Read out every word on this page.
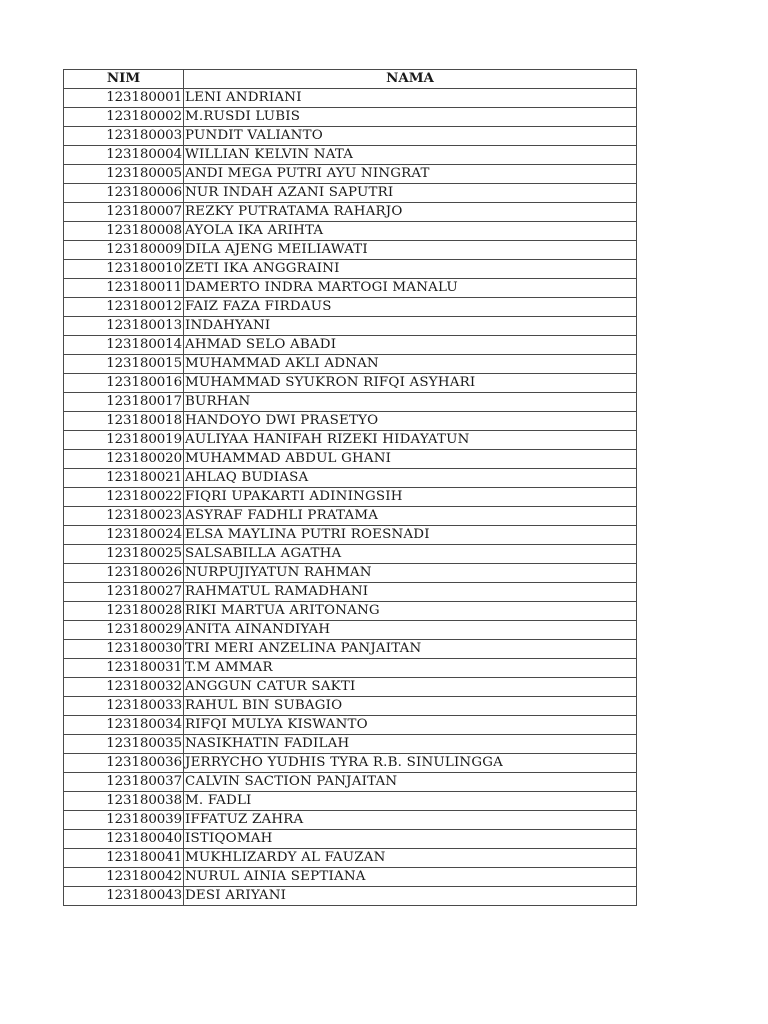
NIM	NAMA
123180001	LENI ANDRIANI
123180002	M.RUSDI LUBIS
123180003	PUNDIT VALIANTO
123180004	WILLIAN KELVIN NATA
123180005	ANDI MEGA PUTRI AYU NINGRAT
123180006	NUR INDAH AZANI SAPUTRI
123180007	REZKY PUTRATAMA RAHARJO
123180008	AYOLA IKA ARIHTA
123180009	DILA AJENG MEILIAWATI
123180010	ZETI IKA ANGGRAINI
123180011	DAMERTO INDRA MARTOGI MANALU
123180012	FAIZ FAZA FIRDAUS
123180013	INDAHYANI
123180014	AHMAD SELO ABADI
123180015	MUHAMMAD AKLI ADNAN
123180016	MUHAMMAD SYUKRON RIFQI ASYHARI
123180017	BURHAN
123180018	HANDOYO DWI PRASETYO
123180019	AULIYAA HANIFAH RIZEKI HIDAYATUN
123180020	MUHAMMAD ABDUL GHANI
123180021	AHLAQ BUDIASA
123180022	FIQRI UPAKARTI ADININGSIH
123180023	ASYRAF FADHLI PRATAMA
123180024	ELSA MAYLINA PUTRI ROESNADI
123180025	SALSABILLA AGATHA
123180026	NURPUJIYATUN RAHMAN
123180027	RAHMATUL RAMADHANI
123180028	RIKI MARTUA ARITONANG
123180029	ANITA AINANDIYAH
123180030	TRI MERI ANZELINA PANJAITAN
123180031	T.M AMMAR
123180032	ANGGUN CATUR SAKTI
123180033	RAHUL BIN SUBAGIO
123180034	RIFQI MULYA KISWANTO
123180035	NASIKHATIN FADILAH
123180036	JERRYCHO YUDHIS TYRA R.B. SINULINGGA
123180037	CALVIN SACTION PANJAITAN
123180038	M. FADLI
123180039	IFFATUZ ZAHRA
123180040	ISTIQOMAH
123180041	MUKHLIZARDY AL FAUZAN
123180042	NURUL AINIA SEPTIANA
123180043	DESI ARIYANI
